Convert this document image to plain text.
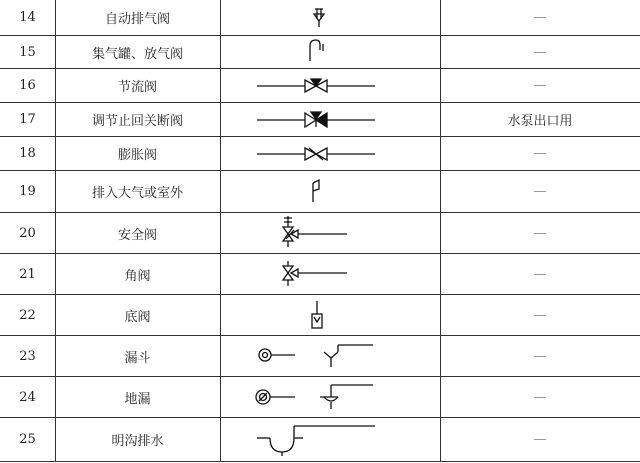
14	自动排气阀	—
15	集气罐、放气阀	—
16	节流阀	—
17	调节止回关断阀	水泵出口用
18	膨胀阀	—
19	排入大气或室外	—
20	安全阀	—
21	角阀	—
22	底阀	—
23	漏斗	—
24	地漏	—
25	明沟排水	—
